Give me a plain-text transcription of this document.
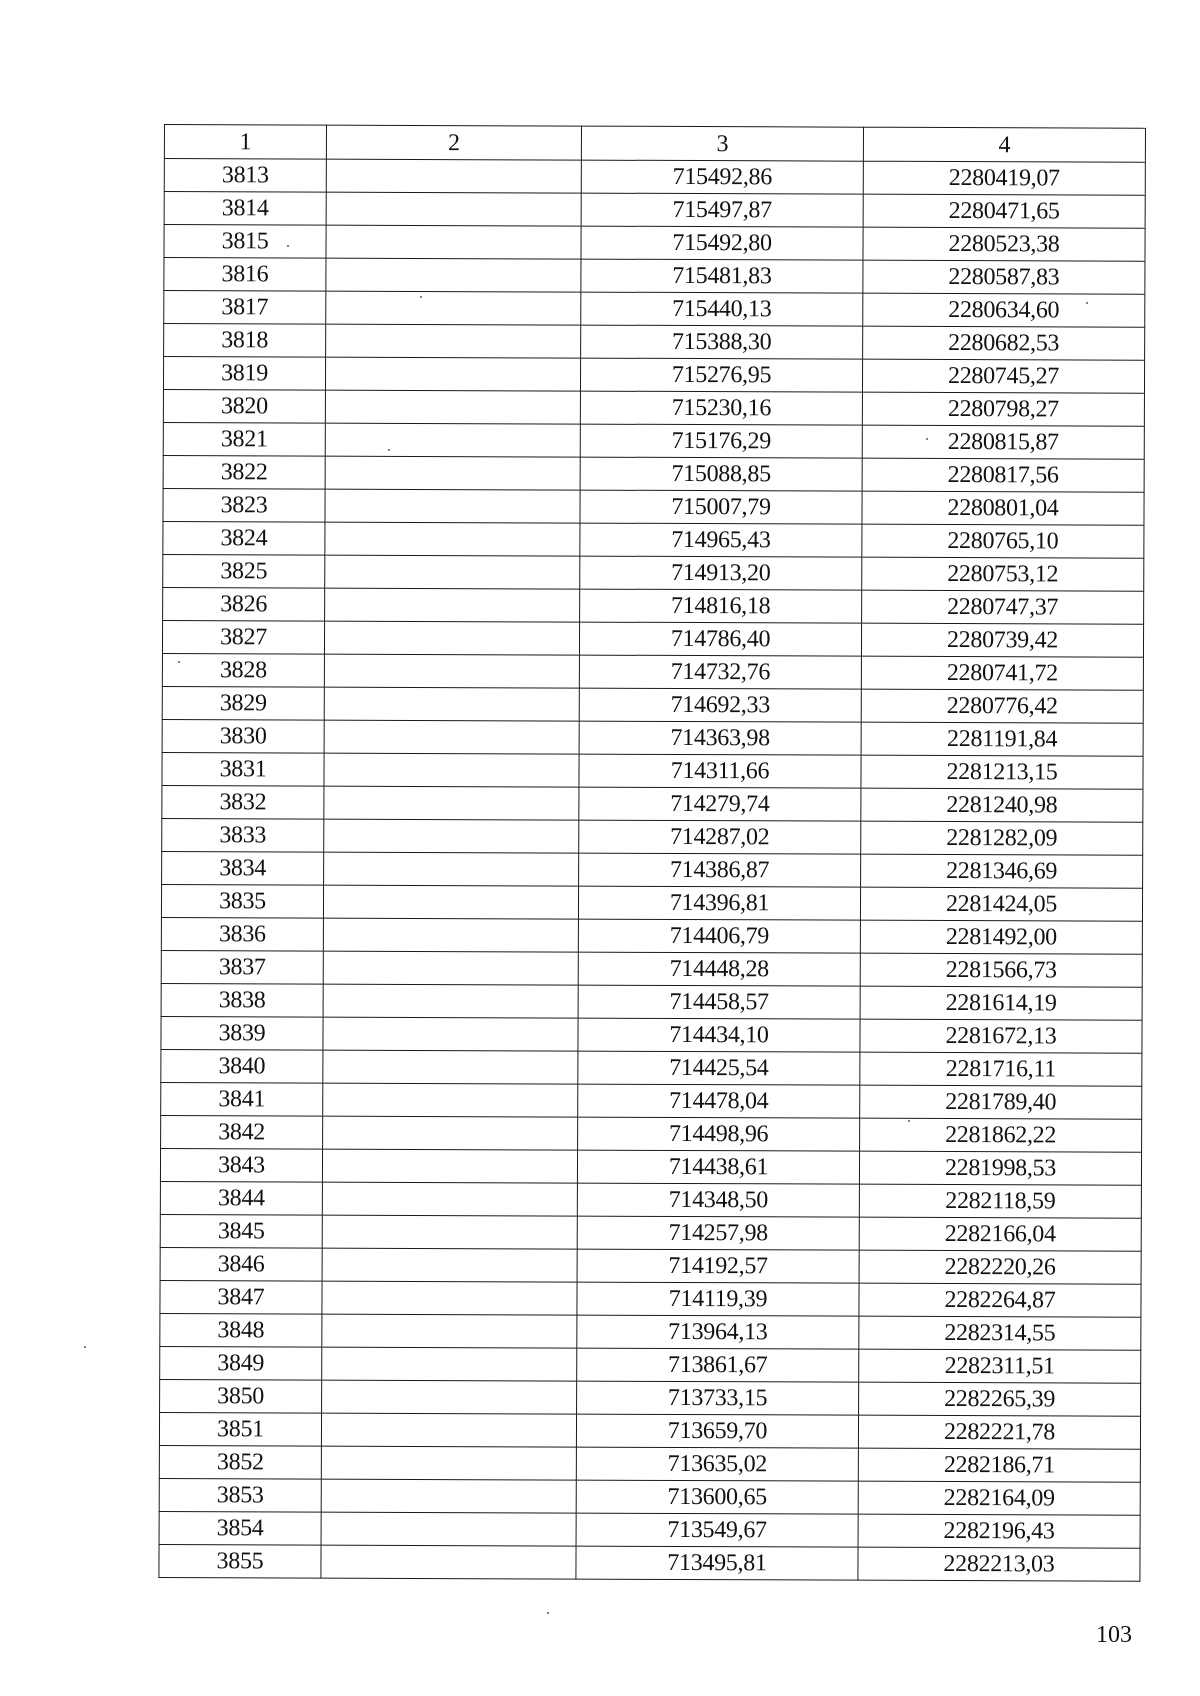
1	2	3	4
3813		715492,86	2280419,07
3814		715497,87	2280471,65
3815		715492,80	2280523,38
3816		715481,83	2280587,83
3817		715440,13	2280634,60
3818		715388,30	2280682,53
3819		715276,95	2280745,27
3820		715230,16	2280798,27
3821		715176,29	2280815,87
3822		715088,85	2280817,56
3823		715007,79	2280801,04
3824		714965,43	2280765,10
3825		714913,20	2280753,12
3826		714816,18	2280747,37
3827		714786,40	2280739,42
3828		714732,76	2280741,72
3829		714692,33	2280776,42
3830		714363,98	2281191,84
3831		714311,66	2281213,15
3832		714279,74	2281240,98
3833		714287,02	2281282,09
3834		714386,87	2281346,69
3835		714396,81	2281424,05
3836		714406,79	2281492,00
3837		714448,28	2281566,73
3838		714458,57	2281614,19
3839		714434,10	2281672,13
3840		714425,54	2281716,11
3841		714478,04	2281789,40
3842		714498,96	2281862,22
3843		714438,61	2281998,53
3844		714348,50	2282118,59
3845		714257,98	2282166,04
3846		714192,57	2282220,26
3847		714119,39	2282264,87
3848		713964,13	2282314,55
3849		713861,67	2282311,51
3850		713733,15	2282265,39
3851		713659,70	2282221,78
3852		713635,02	2282186,71
3853		713600,65	2282164,09
3854		713549,67	2282196,43
3855		713495,81	2282213,03
103
